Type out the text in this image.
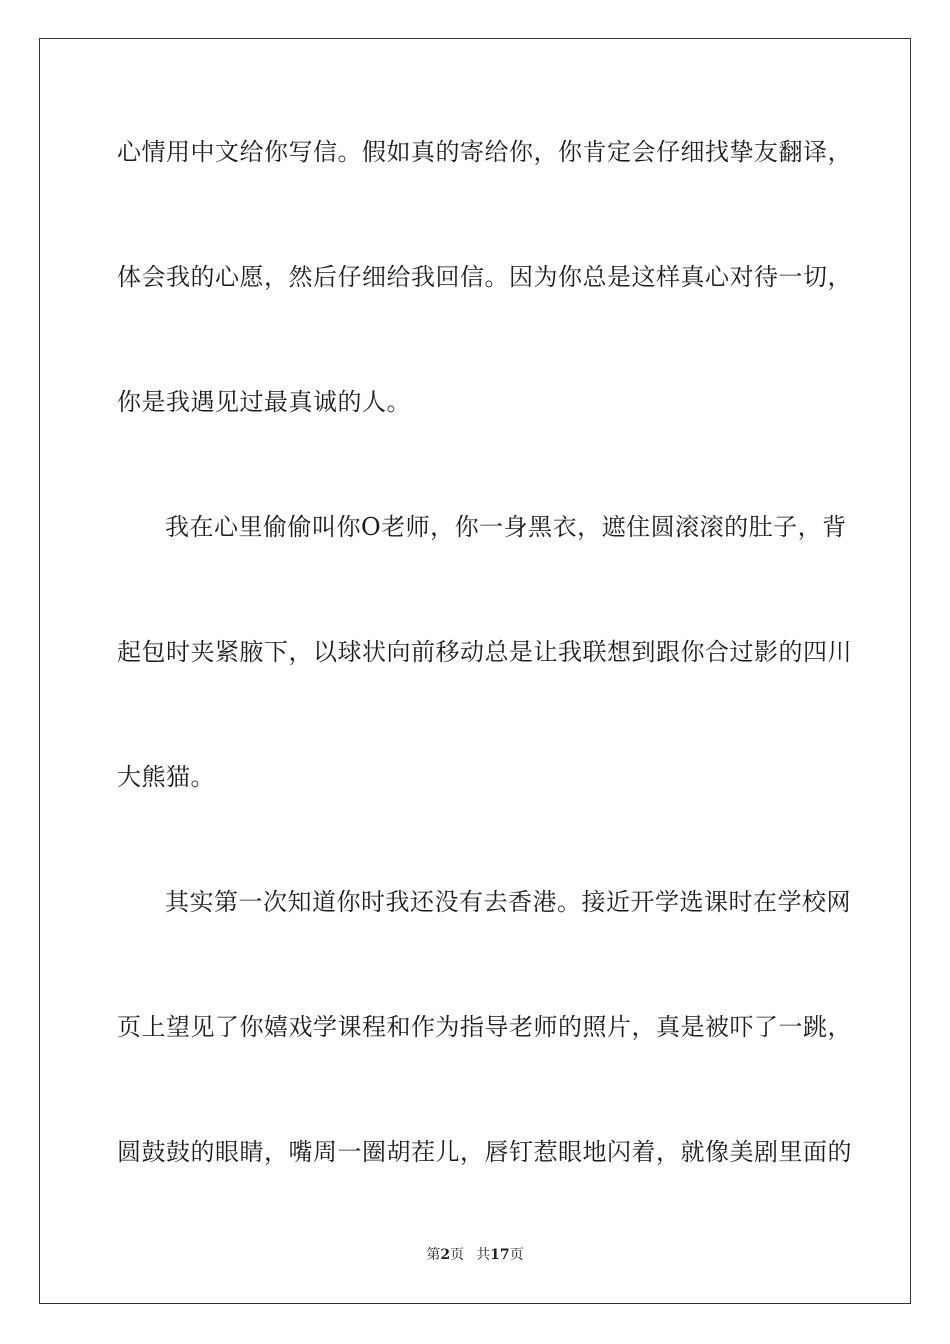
心情用中文给你写信。假如真的寄给你，你肯定会仔细找挚友翻译，
体会我的心愿，然后仔细给我回信。因为你总是这样真心对待一切，
你是我遇见过最真诚的人。
我在心里偷偷叫你O老师，你一身黑衣，遮住圆滚滚的肚子，背
起包时夹紧腋下，以球状向前移动总是让我联想到跟你合过影的四川
大熊猫。
其实第一次知道你时我还没有去香港。接近开学选课时在学校网
页上望见了你嬉戏学课程和作为指导老师的照片，真是被吓了一跳，
圆鼓鼓的眼睛，嘴周一圈胡茬儿，唇钉惹眼地闪着，就像美剧里面的
第2页 共17页
